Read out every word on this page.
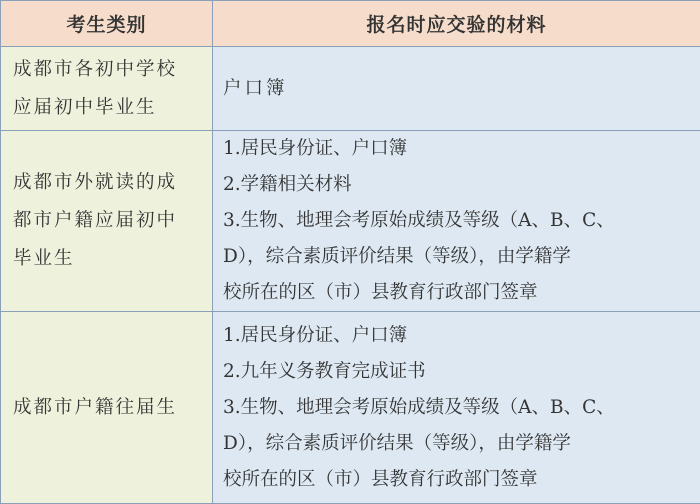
考生类别	报名时应交验的材料

成都市各初中学校
应届初中毕业生	户口簿

成都市外就读的成
都市户籍应届初中
毕业生	1.居民身份证、户口簿
2.学籍相关材料
3.生物、地理会考原始成绩及等级（A、B、C、
D），综合素质评价结果（等级），由学籍学
校所在的区（市）县教育行政部门签章

成都市户籍往届生	1.居民身份证、户口簿
2.九年义务教育完成证书
3.生物、地理会考原始成绩及等级（A、B、C、
D），综合素质评价结果（等级），由学籍学
校所在的区（市）县教育行政部门签章
